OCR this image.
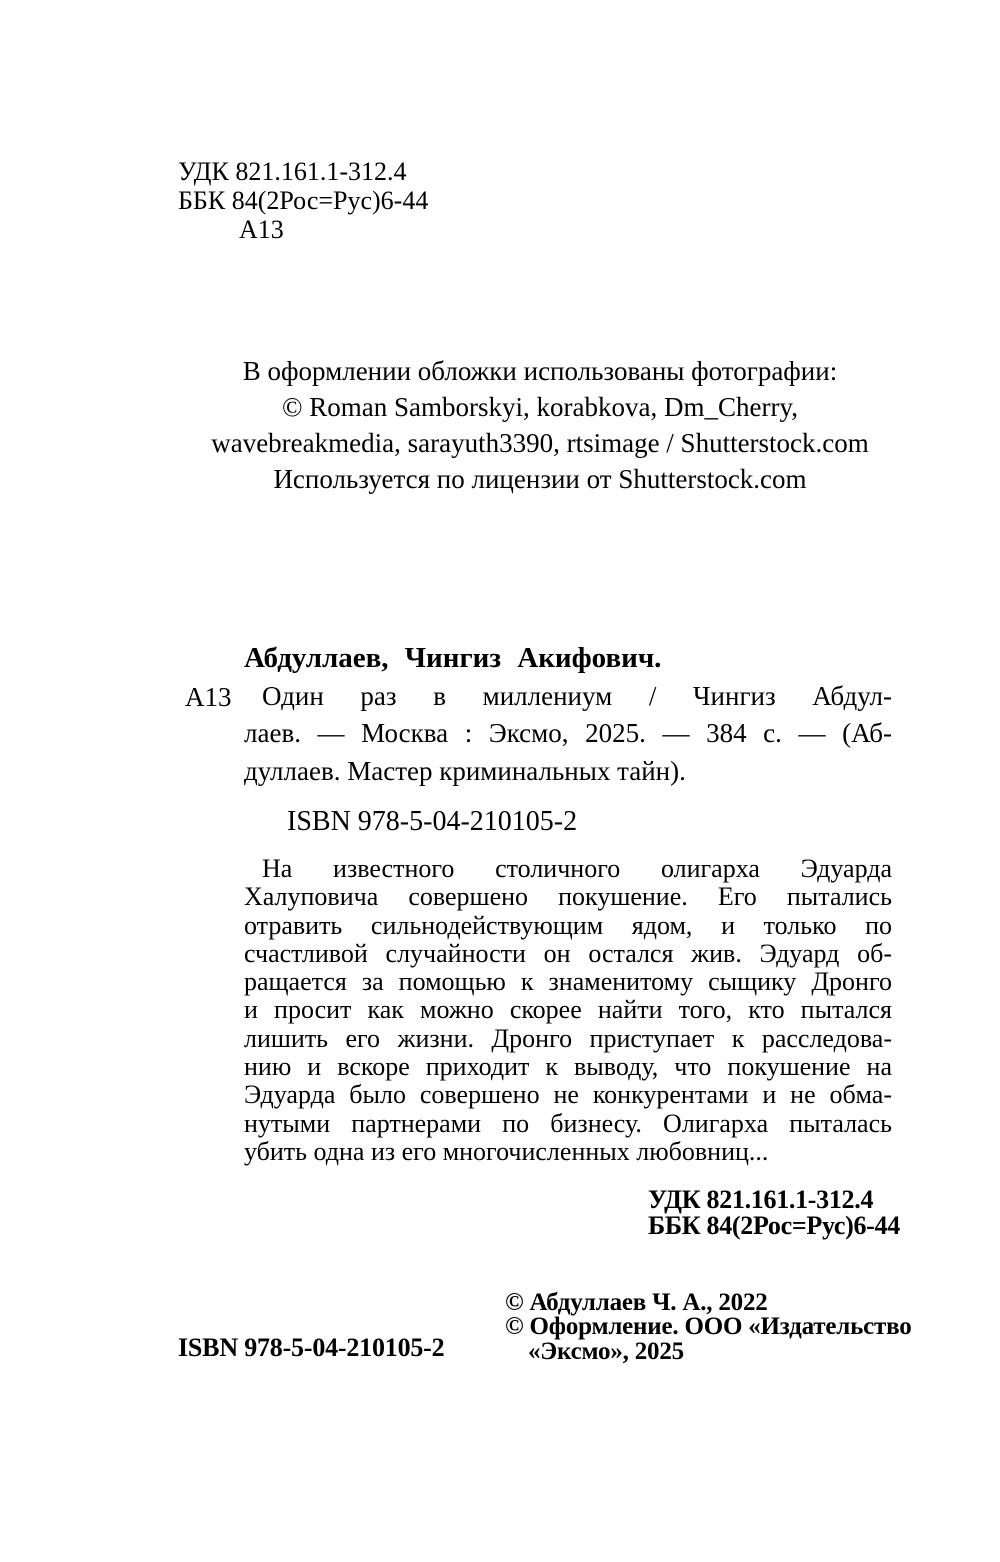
УДК 821.161.1-312.4
ББК 84(2Рос=Рус)6-44
А13
В оформлении обложки использованы фотографии:
© Roman Samborskyi, korabkova, Dm_Cherry,
wavebreakmedia, sarayuth3390, rtsimage / Shutterstock.com
Используется по лицензии от Shutterstock.com
А13
Абдуллаев, Чингиз Акифович.
Один раз в миллениум / Чингиз Абдул-
лаев. — Москва : Эксмо, 2025. — 384 с. — (Аб-
дуллаев. Мастер криминальных тайн).
ISBN 978-5-04-210105-2
На известного столичного олигарха Эдуарда
Халуповича совершено покушение. Его пытались
отравить сильнодействующим ядом, и только по
счастливой случайности он остался жив. Эдуард об-
ращается за помощью к знаменитому сыщику Дронго
и просит как можно скорее найти того, кто пытался
лишить его жизни. Дронго приступает к расследова-
нию и вскоре приходит к выводу, что покушение на
Эдуарда было совершено не конкурентами и не обма-
нутыми партнерами по бизнесу. Олигарха пыталась
убить одна из его многочисленных любовниц...
УДК 821.161.1-312.4
ББК 84(2Рос=Рус)6-44
© Абдуллаев Ч. А., 2022
© Оформление. ООО «Издательство
«Эксмо», 2025
ISBN 978-5-04-210105-2
